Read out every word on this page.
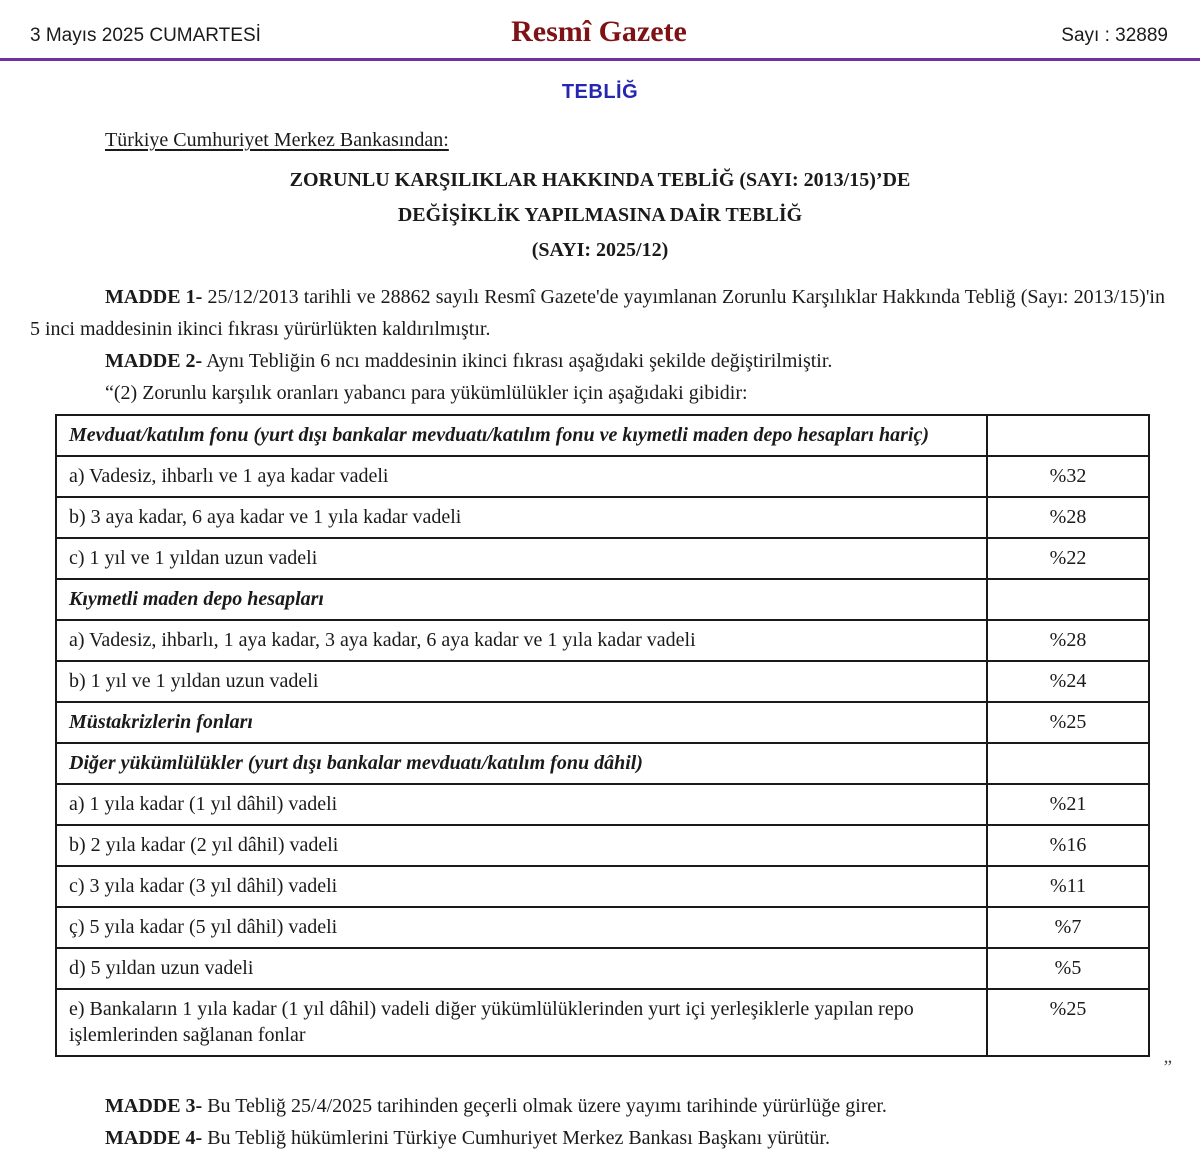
3 Mayıs 2025 CUMARTESİ	Resmî Gazete	Sayı : 32889
TEBLİĞ
Türkiye Cumhuriyet Merkez Bankasından:
ZORUNLU KARŞILIKLAR HAKKINDA TEBLİĞ (SAYI: 2013/15)’DE
DEĞİŞİKLİK YAPILMASINA DAİR TEBLİĞ
(SAYI: 2025/12)

MADDE 1- 25/12/2013 tarihli ve 28862 sayılı Resmî Gazete'de yayımlanan Zorunlu Karşılıklar Hakkında Tebliğ (Sayı: 2013/15)'in 5 inci maddesinin ikinci fıkrası yürürlükten kaldırılmıştır.

MADDE 2- Aynı Tebliğin 6 ncı maddesinin ikinci fıkrası aşağıdaki şekilde değiştirilmiştir.

“(2) Zorunlu karşılık oranları yabancı para yükümlülükler için aşağıdaki gibidir:

Mevduat/katılım fonu (yurt dışı bankalar mevduatı/katılım fonu ve kıymetli maden depo hesapları hariç)	
a) Vadesiz, ihbarlı ve 1 aya kadar vadeli	%32
b) 3 aya kadar, 6 aya kadar ve 1 yıla kadar vadeli	%28
c) 1 yıl ve 1 yıldan uzun vadeli	%22
Kıymetli maden depo hesapları	
a) Vadesiz, ihbarlı, 1 aya kadar, 3 aya kadar, 6 aya kadar ve 1 yıla kadar vadeli	%28
b) 1 yıl ve 1 yıldan uzun vadeli	%24
Müstakrizlerin fonları	%25
Diğer yükümlülükler (yurt dışı bankalar mevduatı/katılım fonu dâhil)	
a) 1 yıla kadar (1 yıl dâhil) vadeli	%21
b) 2 yıla kadar (2 yıl dâhil) vadeli	%16
c) 3 yıla kadar (3 yıl dâhil) vadeli	%11
ç) 5 yıla kadar (5 yıl dâhil) vadeli	%7
d) 5 yıldan uzun vadeli	%5
e) Bankaların 1 yıla kadar (1 yıl dâhil) vadeli diğer yükümlülüklerinden yurt içi yerleşiklerle yapılan repo işlemlerinden sağlanan fonlar	%25
”

MADDE 3- Bu Tebliğ 25/4/2025 tarihinden geçerli olmak üzere yayımı tarihinde yürürlüğe girer.

MADDE 4- Bu Tebliğ hükümlerini Türkiye Cumhuriyet Merkez Bankası Başkanı yürütür.
